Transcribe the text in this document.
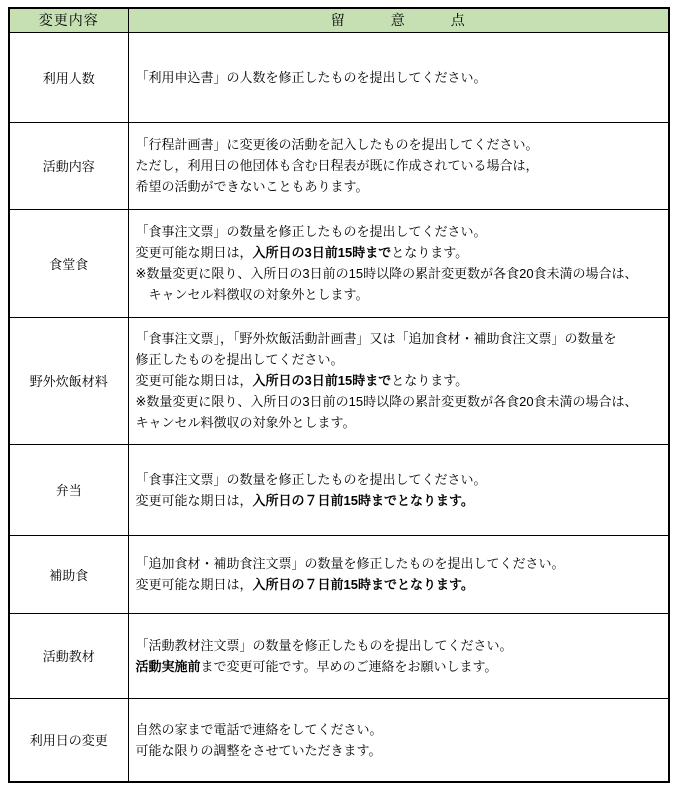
変更内容	留　　　意　　　点
利用人数	「利用申込書」の人数を修正したものを提出してください。

活動内容	「行程計画書」に変更後の活動を記入したものを提出してください。
ただし，利用日の他団体も含む日程表が既に作成されている場合は，
希望の活動ができないこともあります。

食堂食	「食事注文票」の数量を修正したものを提出してください。
変更可能な期日は，入所日の3日前15時までとなります。
※数量変更に限り、入所日の3日前の15時以降の累計変更数が各食20食未満の場合は、
　キャンセル料徴収の対象外とします。

野外炊飯材料	「食事注文票」，「野外炊飯活動計画書」又は「追加食材・補助食注文票」の数量を
修正したものを提出してください。
変更可能な期日は，入所日の3日前15時までとなります。
※数量変更に限り、入所日の3日前の15時以降の累計変更数が各食20食未満の場合は、
キャンセル料徴収の対象外とします。

弁当	「食事注文票」の数量を修正したものを提出してください。
変更可能な期日は，入所日の７日前15時までとなります。

補助食	「追加食材・補助食注文票」の数量を修正したものを提出してください。
変更可能な期日は，入所日の７日前15時までとなります。

活動教材	「活動教材注文票」の数量を修正したものを提出してください。
活動実施前まで変更可能です。早めのご連絡をお願いします。

利用日の変更	自然の家まで電話で連絡をしてください。
可能な限りの調整をさせていただきます。
